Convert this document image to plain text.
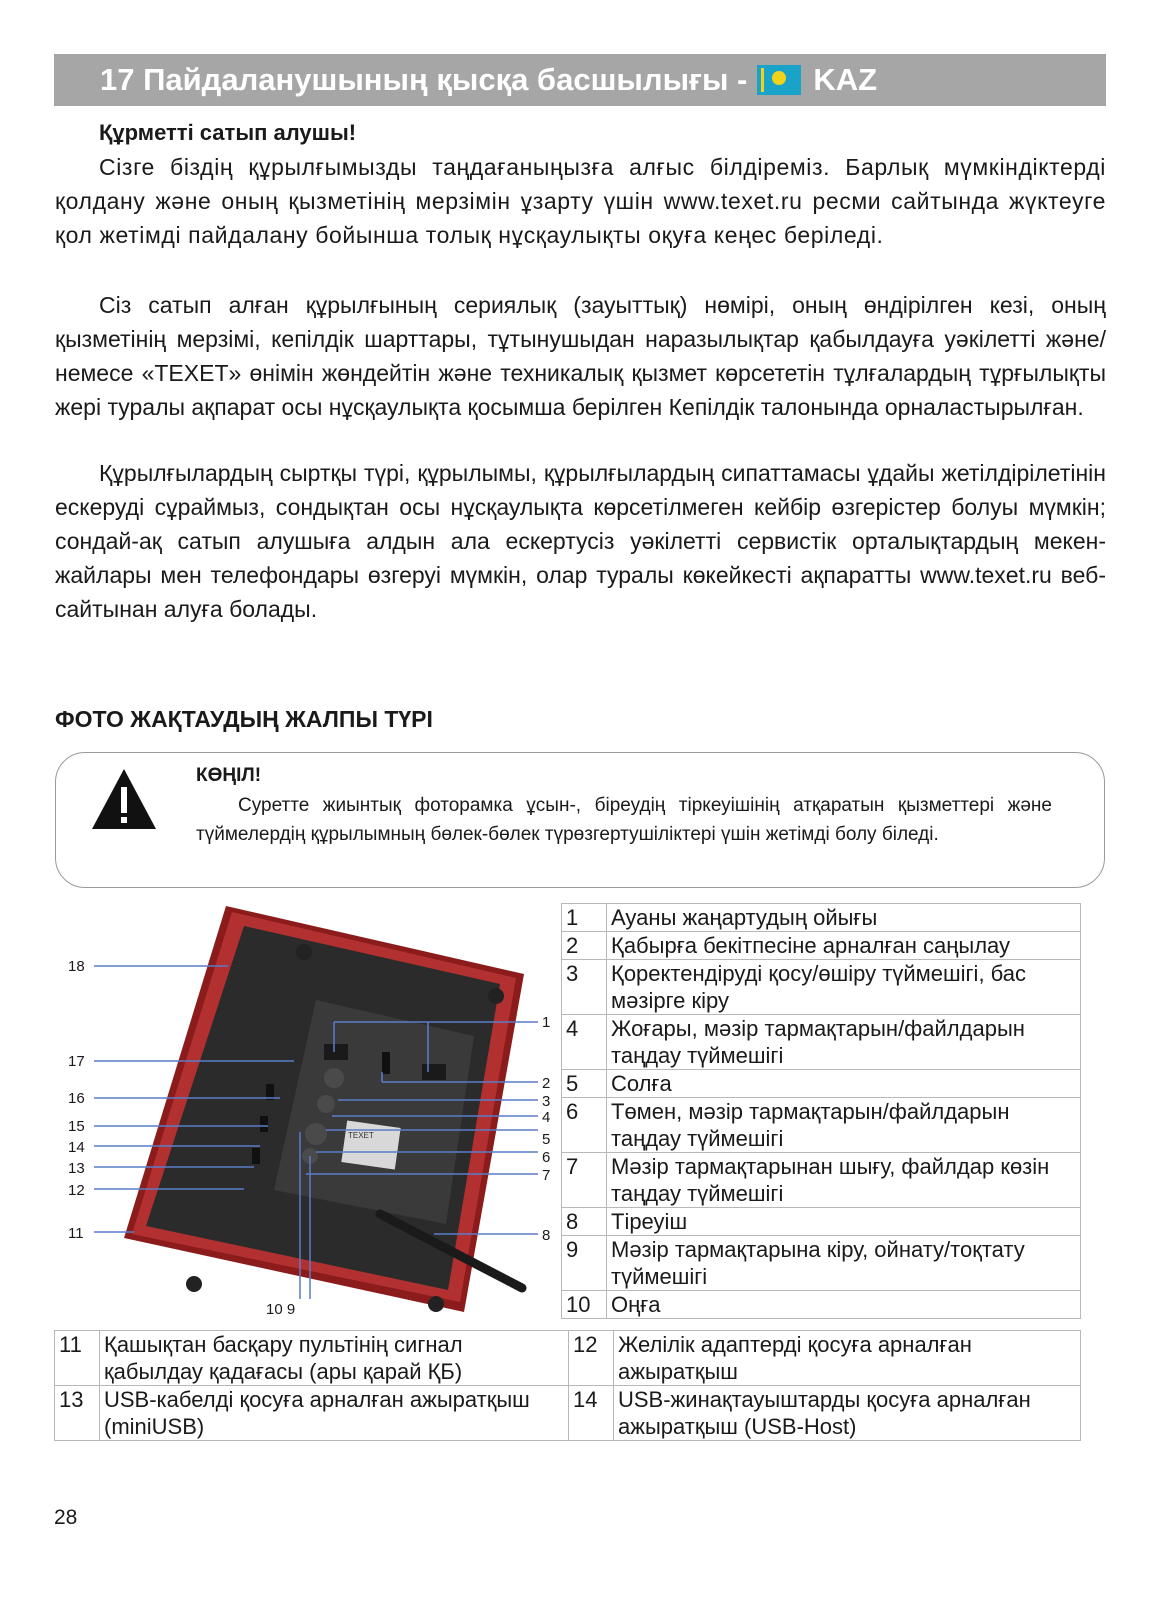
17 Пайдаланушының қысқа басшылығы - KAZ
Құрметті сатып алушы!

Сізге біздің құрылғымызды таңдағаныңызға алғыс білдіреміз. Барлық мүмкіндіктерді қолдану және оның қызметінің мерзімін ұзарту үшін www.texet.ru ресми сайтында жүктеуге қол жетімді пайдалану бойынша толық нұсқаулықты оқуға кеңес беріледі.

Сіз сатып алған құрылғының сериялық (зауыттық) нөмірі, оның өндірілген кезі, оның қызметінің мерзімі, кепілдік шарттары, тұтынушыдан наразылықтар қабылдауға уәкілетті және/немесе «TEXET» өнімін жөндейтін және техникалық қызмет көрсететін тұлғалардың тұрғылықты жері туралы ақпарат осы нұсқаулықта қосымша берілген Кепілдік талонында орналастырылған.

Құрылғылардың сыртқы түрі, құрылымы, құрылғылардың сипаттамасы ұдайы жетілдірілетінін ескеруді сұраймыз, сондықтан осы нұсқаулықта көрсетілмеген кейбір өзгерістер болуы мүмкін; сондай-ақ сатып алушыға алдын ала ескертусіз уәкілетті сервистік орталықтардың мекен-жайлары мен телефондары өзгеруі мүмкін, олар туралы көкейкесті ақпаратты www.texet.ru веб-сайтынан алуға болады.

ФОТО ЖАҚТАУДЫҢ ЖАЛПЫ ТҮРІ
КӨҢІЛ!
Суретте жиынтық фоторамка ұсын-, біреудің тіркеуішінің атқаратын қызметтері және түймелердің құрылымның бөлек-бөлек түрөзгертушіліктері үшін жетімді болу біледі.
TEXET
18
17
16
15
14
13
12
11
1
2
3
4
5
6
7
8
10 9
1	Ауаны жаңартудың ойығы
2	Қабырға бекітпесіне арналған саңылау
3	Қоректендіруді қосу/өшіру түймешігі, бас мәзірге кіру
4	Жоғары, мәзір тармақтарын/файлдарын таңдау түймешігі
5	Солға
6	Төмен, мәзір тармақтарын/файлдарын таңдау түймешігі
7	Мәзір тармақтарынан шығу, файлдар көзін таңдау түймешігі
8	Тіреуіш
9	Мәзір тармақтарына кіру, ойнату/тоқтату түймешігі
10	Оңға
11	Қашықтан басқару пультінің сигнал қабылдау қадағасы (ары қарай ҚБ)	12	Желілік адаптерді қосуға арналған ажыратқыш
13	USB-кабелді қосуға арналған ажыратқыш (miniUSB)	14	USB-жинақтауыштарды қосуға арналған ажыратқыш (USB-Host)
28
